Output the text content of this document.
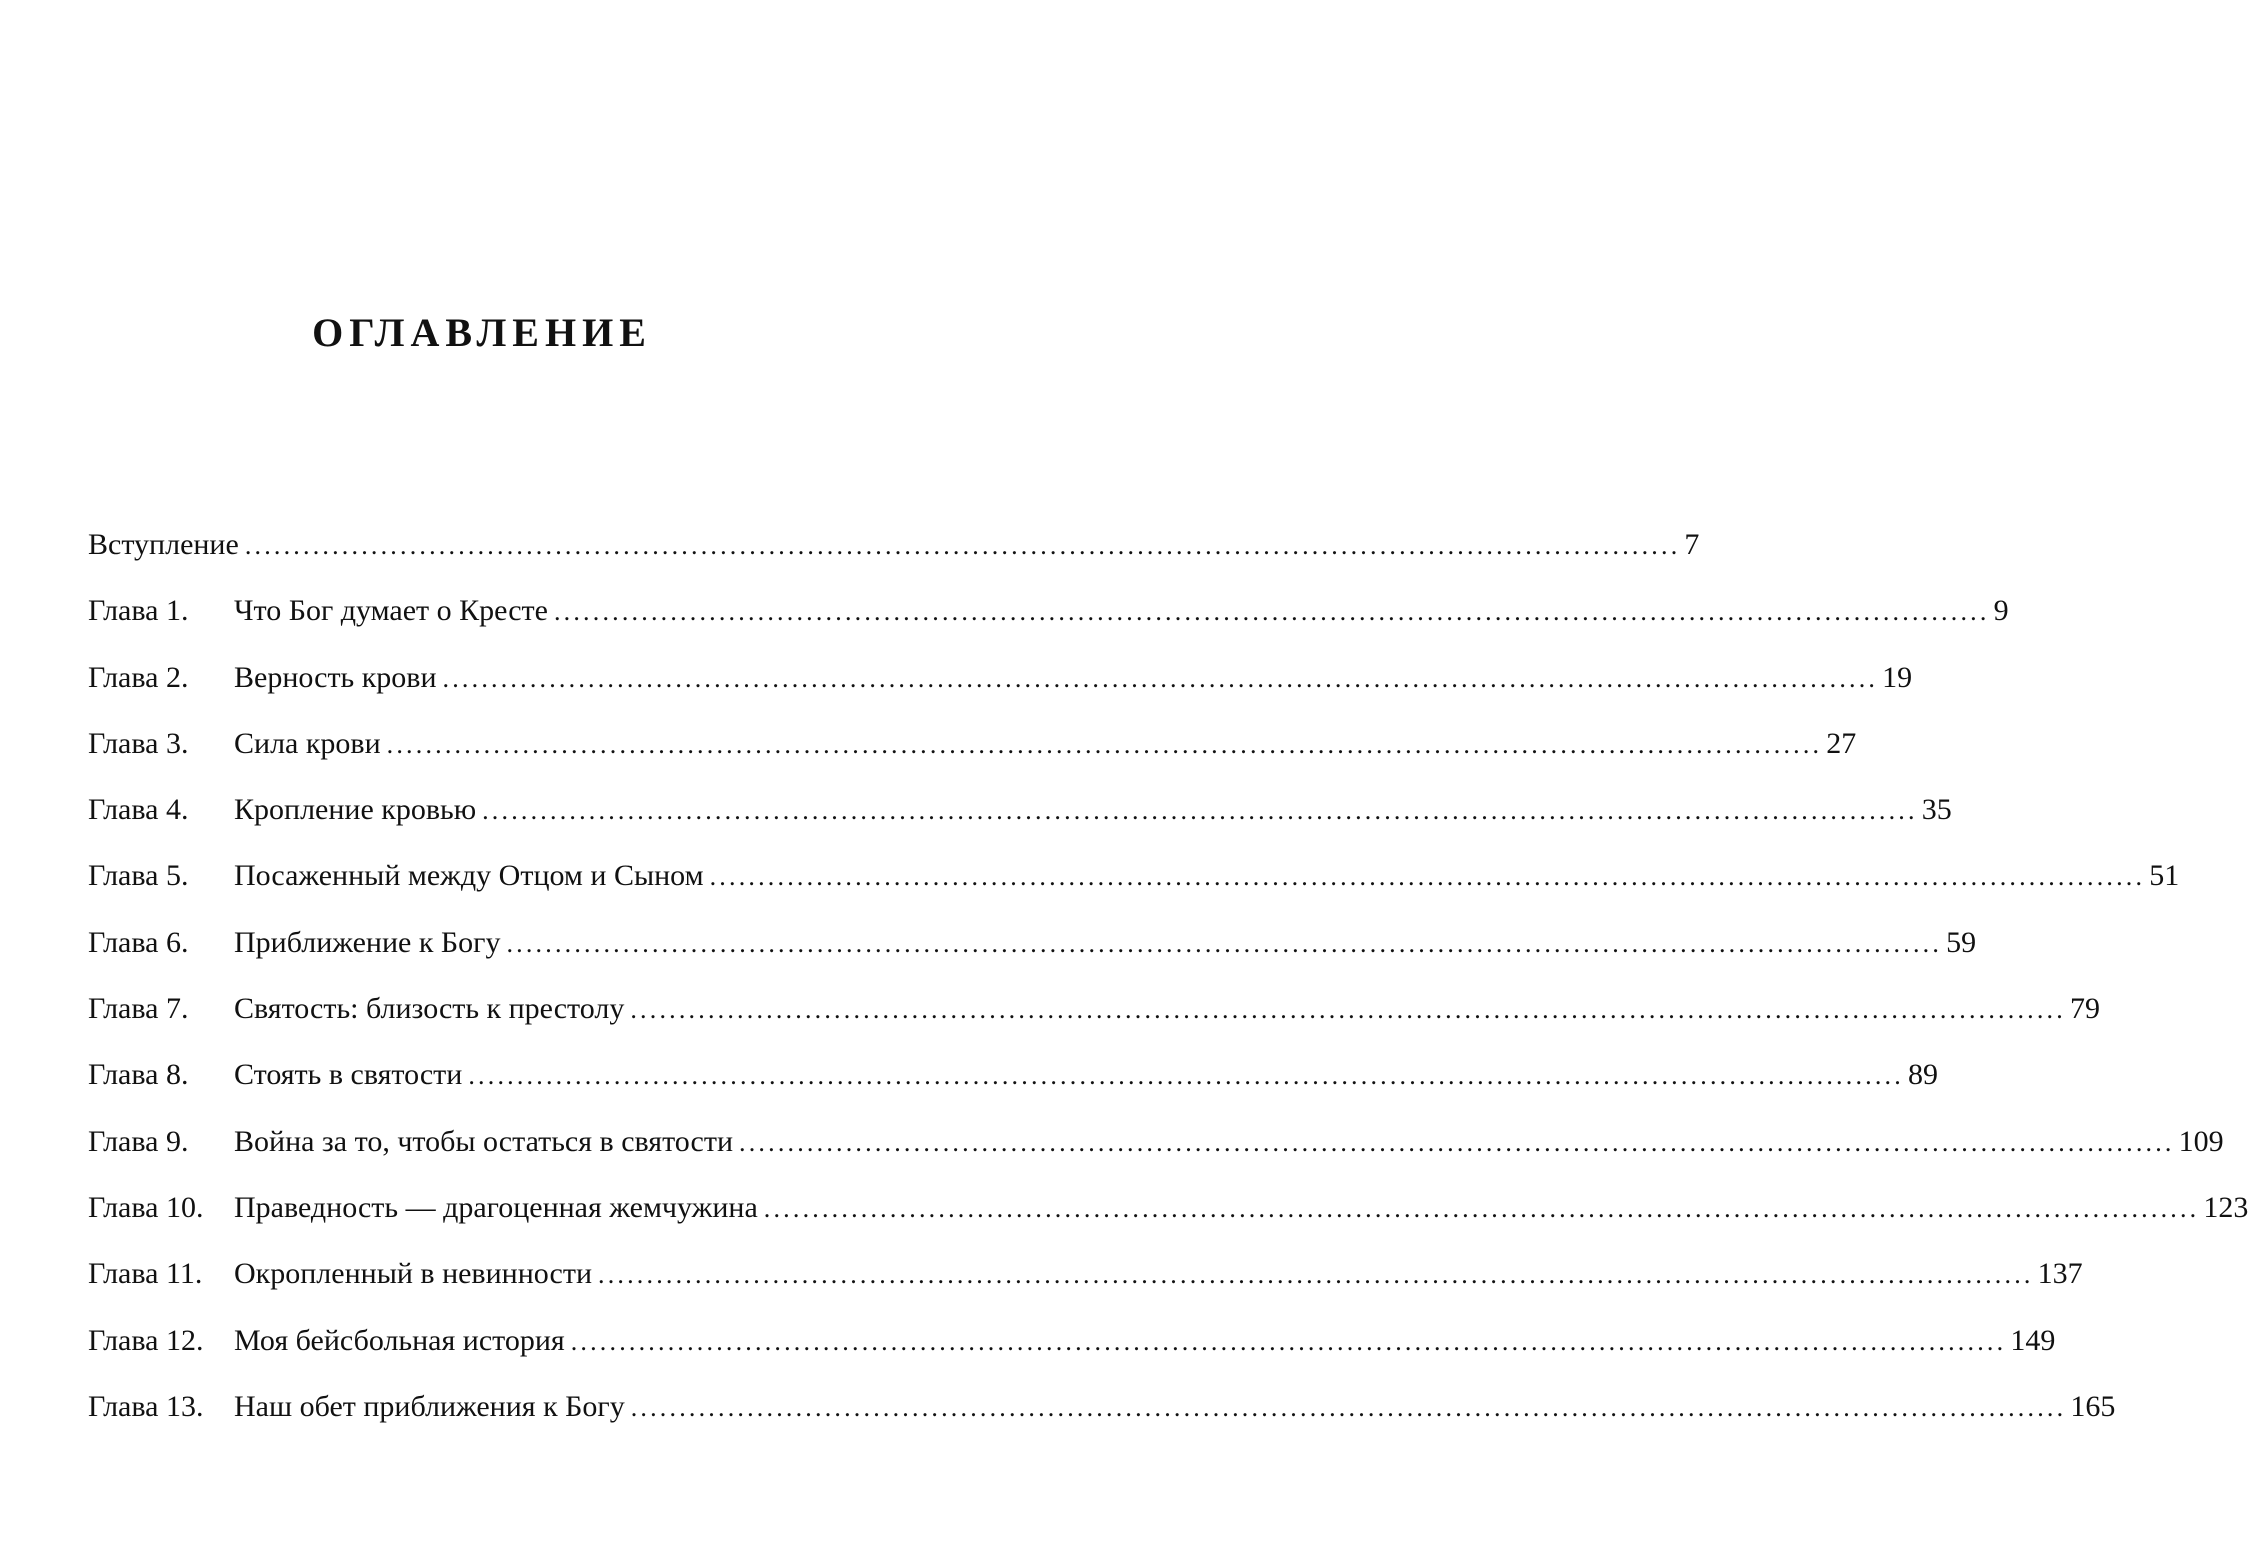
ОГЛАВЛЕНИЕ
Вступление .....	7
Глава 1.	Что Бог думает о Кресте .....	9
Глава 2.	Верность крови .....	19
Глава 3.	Сила крови .....	27
Глава 4.	Кропление кровью .....	35
Глава 5.	Посаженный между Отцом и Сыном .....	51
Глава 6.	Приближение к Богу .....	59
Глава 7.	Святость: близость к престолу .....	79
Глава 8.	Стоять в святости .....	89
Глава 9.	Война за то, чтобы остаться в святости .....	109
Глава 10.	Праведность — драгоценная жемчужина .....	123
Глава 11.	Окропленный в невинности .....	137
Глава 12.	Моя бейсбольная история .....	149
Глава 13.	Наш обет приближения к Богу .....	165
